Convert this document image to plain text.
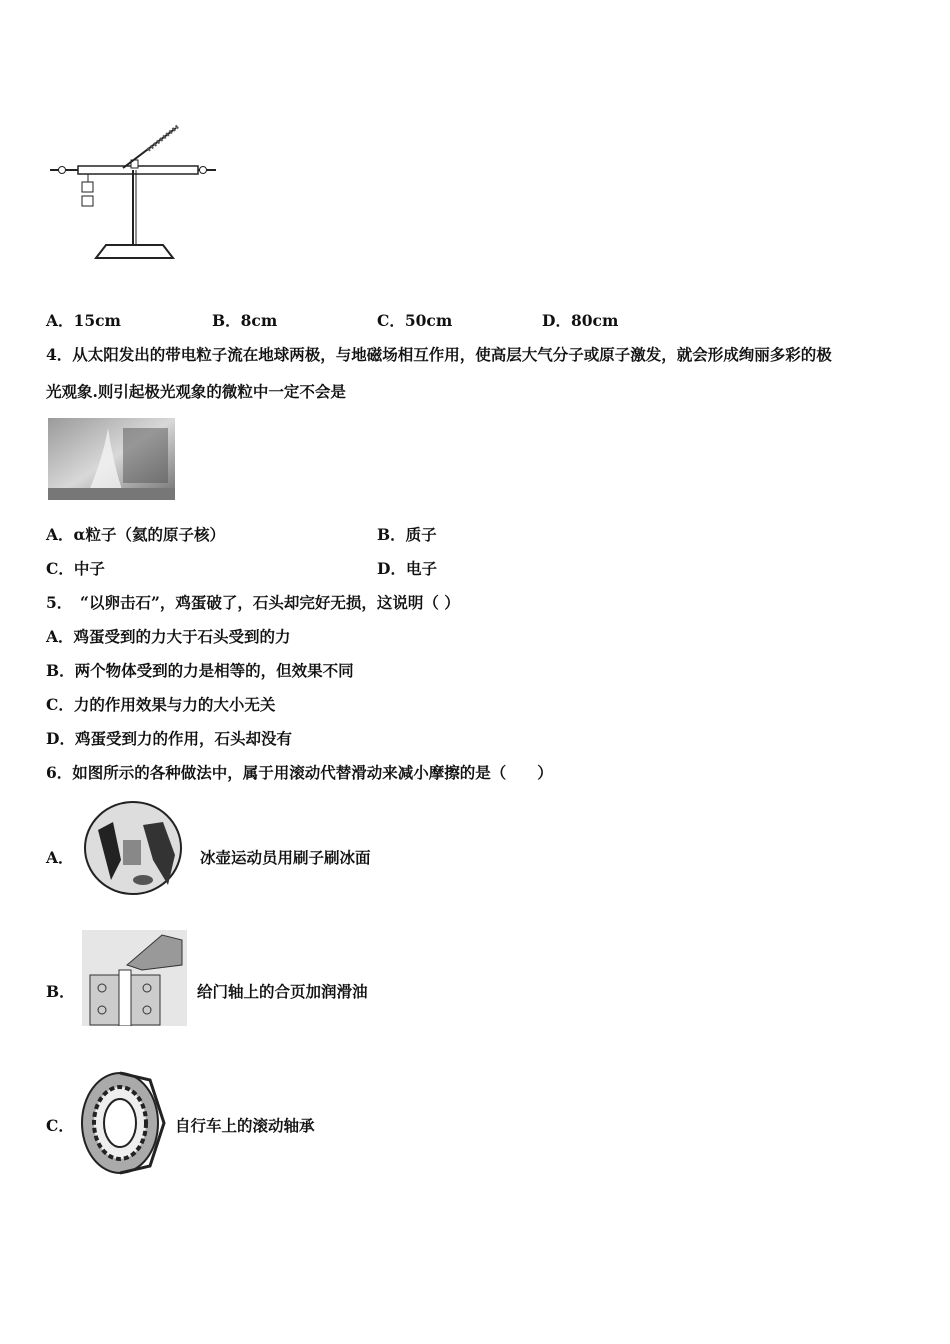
A．15cm	B．8cm	C．50cm	D．80cm
4．从太阳发出的带电粒子流在地球两极，与地磁场相互作用，使高层大气分子或原子激发，就会形成绚丽多彩的极
光观象.则引起极光观象的微粒中一定不会是
A．α粒子（氦的原子核）	B．质子
C．中子	D．电子
5．　“以卵击石”，鸡蛋破了，石头却完好无损，这说明（ ）
A．鸡蛋受到的力大于石头受到的力
B．两个物体受到的力是相等的，但效果不同
C．力的作用效果与力的大小无关
D．鸡蛋受到力的作用，石头却没有
6．如图所示的各种做法中，属于用滚动代替滑动来减小摩擦的是（　　）
A．	冰壶运动员用刷子刷冰面
B．	给门轴上的合页加润滑油
C．	自行车上的滚动轴承
